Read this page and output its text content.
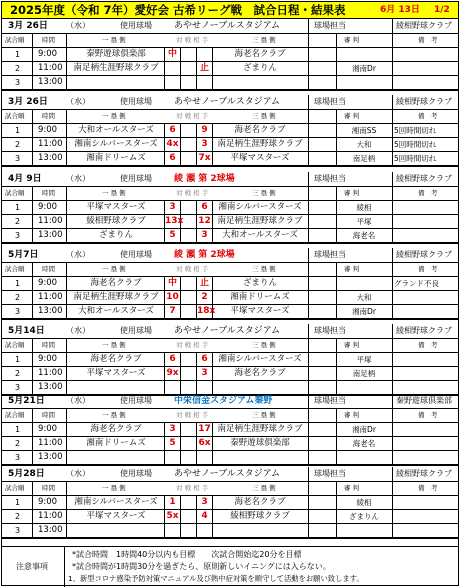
2025年度（令和 7年）愛好会 古希リーグ戦　試合日程・結果表	6月 13日 1/2
3月 26日 （水）	使用球場 あやせノーブルスタジアム	球場担当	綾相野球クラブ
試合順	時間	一 塁 側	対 戦 相 手	三 塁 側	審 判	備　考
1 9:00	秦野遊球倶楽部	中	海老名クラブ
2 11:00	南足柄生涯野球クラブ	止	ざまりん	湘南Dr
3 13:00
3月 26日 （水）	使用球場 あやせノーブルスタジアム	球場担当	綾相野球クラブ
試合順	時間	一 塁 側	対 戦 相 手	三 塁 側	審 判	備　考
1 9:00	大和オールスターズ	6	9	海老名クラブ	湘南SS	5回時間切れ
2 11:00	湘南シルバースターズ 4x	3	南足柄生涯野球クラブ	大和	5回時間切れ
3 13:00	湘南ドリームズ	6	7x	平塚マスターズ	南足柄	5回時間切れ
4月 9日	（水）	使用球場 綾 瀬 第 2球場	球場担当	綾相野球クラブ
試合順	時間	一 塁 側	対 戦 相 手	三 塁 側	審 判	備　考
1 9:00	平塚マスターズ	3	6	湘南シルバースターズ	綾相
2 11:00	綾相野球クラブ	13x 12 南足柄生涯野球クラブ	平塚
3 13:00	ざまりん	5	3	大和オールスターズ	海老名
5月7日	（水）	使用球場 綾 瀬 第 2球場	球場担当	綾相野球クラブ
試合順	時間	一 塁 側	対 戦 相 手	三 塁 側	審 判	備　考
1 9:00	海老名クラブ	中	止	ざまりん	グランド不良
2 11:00	南足柄生涯野球クラブ 10	2	湘南ドリームズ	大和
3 13:00	大和オールスターズ	7	18x	平塚マスターズ	湘南Dr
5月14日	（水）	使用球場 あやせノーブルスタジアム	球場担当	綾相野球クラブ
試合順	時間	一 塁 側	対 戦 相 手	三 塁 側	審 判	備　考
1 9:00	海老名クラブ	6	6	湘南シルバースターズ	平塚
2 11:00	平塚マスターズ	9x	3	海老名クラブ	南足柄
3 13:00
5月21日	（水）	使用球場 中栄信金スタジアム秦野	球場担当	秦野遊球倶楽部
試合順	時間	一 塁 側	対 戦 相 手	三 塁 側	審 判	備　考
1 9:00	海老名クラブ	3	17 南足柄生涯野球クラブ	湘南Dr
2 11:00	湘南ドリームズ	5	6x	秦野遊球倶楽部	海老名
3 13:00
5月28日	（水）	使用球場 あやせノーブルスタジアム	球場担当	綾相野球クラブ
試合順	時間	一 塁 側	対 戦 相 手	三 塁 側	審 判	備　考
1 9:00	湘南シルバースターズ	1	3	海老名クラブ	綾相
2 11:00	平塚マスターズ	5x	4	綾相野球クラブ	ざまりん
3 13:00
注意事項
*試合時間　1時間40分以内も目標　　次試合開始迄20分を目標
*試合時間が1時間30分を過ぎたら、原則新しいイニングには入らない。
1、新型コロナ感染予防対策マニュアル及び熱中症対策を順守して活動をお願い致します。
